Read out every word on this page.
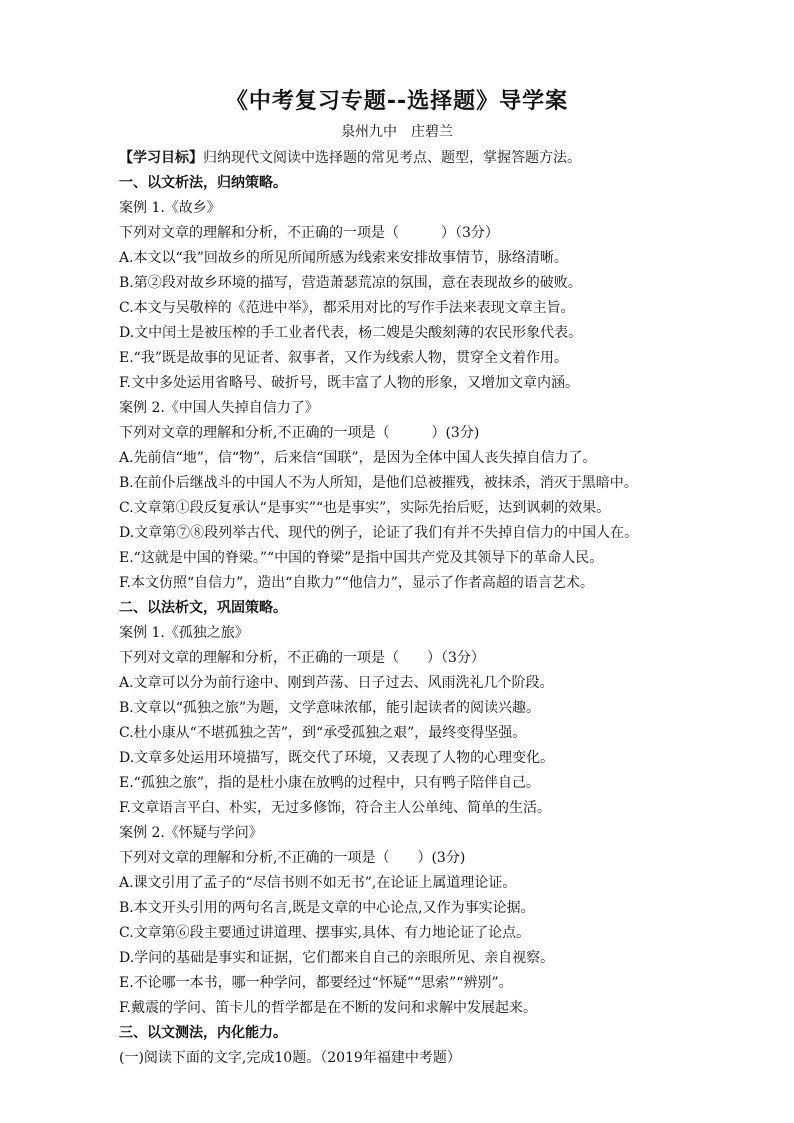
《中考复习专题--选择题》导学案
泉州九中　庄碧兰
【学习目标】归纳现代文阅读中选择题的常见考点、题型，掌握答题方法。
一、以文析法，归纳策略。
案例 1.《故乡》
下列对文章的理解和分析，不正确的一项是（　　　）（3分）
A.本文以“我”回故乡的所见所闻所感为线索来安排故事情节，脉络清晰。
B.第②段对故乡环境的描写，营造萧瑟荒凉的氛围，意在表现故乡的破败。
C.本文与吴敬梓的《范进中举》，都采用对比的写作手法来表现文章主旨。
D.文中闰土是被压榨的手工业者代表，杨二嫂是尖酸刻薄的农民形象代表。
E.“我”既是故事的见证者、叙事者，又作为线索人物，贯穿全文着作用。
F.文中多处运用省略号、破折号，既丰富了人物的形象，又增加文章内涵。
案例 2.《中国人失掉自信力了》
下列对文章的理解和分析,不正确的一项是（　　　）(3分)
A.先前信“地”，信“物”，后来信“国联”，是因为全体中国人丧失掉自信力了。
B.在前仆后继战斗的中国人不为人所知，是他们总被摧残，被抹杀，消灭于黑暗中。
C.文章第①段反复承认“是事实”“也是事实”，实际先抬后贬，达到讽刺的效果。
D.文章第⑦⑧段列举古代、现代的例子，论证了我们有并不失掉自信力的中国人在。
E.“这就是中国的脊梁。”“中国的脊梁”是指中国共产党及其领导下的革命人民。
F.本文仿照“自信力”，造出“自欺力”“他信力”，显示了作者高超的语言艺术。
二、以法析文，巩固策略。
案例 1.《孤独之旅》
下列对文章的理解和分析，不正确的一项是（　　）（3分）
A.文章可以分为前行途中、刚到芦荡、日子过去、风雨洗礼几个阶段。
B.文章以“孤独之旅”为题，文学意味浓郁，能引起读者的阅读兴趣。
C.杜小康从“不堪孤独之苦”，到“承受孤独之艰”，最终变得坚强。
D.文章多处运用环境描写，既交代了环境，又表现了人物的心理变化。
E.“孤独之旅”，指的是杜小康在放鸭的过程中，只有鸭子陪伴自己。
F.文章语言平白、朴实，无过多修饰，符合主人公单纯、简单的生活。
案例 2.《怀疑与学问》
下列对文章的理解和分析,不正确的一项是（　　）(3分)
A.课文引用了孟子的“尽信书则不如无书”,在论证上属道理论证。
B.本文开头引用的两句名言,既是文章的中心论点,又作为事实论据。
C.文章第⑥段主要通过讲道理、摆事实,具体、有力地论证了论点。
D.学问的基础是事实和证据，它们都来自自己的亲眼所见、亲自视察。
E.不论哪一本书，哪一种学问，都要经过“怀疑”“思索”“辨别”。
F.戴震的学问、笛卡儿的哲学都是在不断的发问和求解中发展起来。
三、以文测法，内化能力。
(一)阅读下面的文字,完成10题。（2019年福建中考题）
